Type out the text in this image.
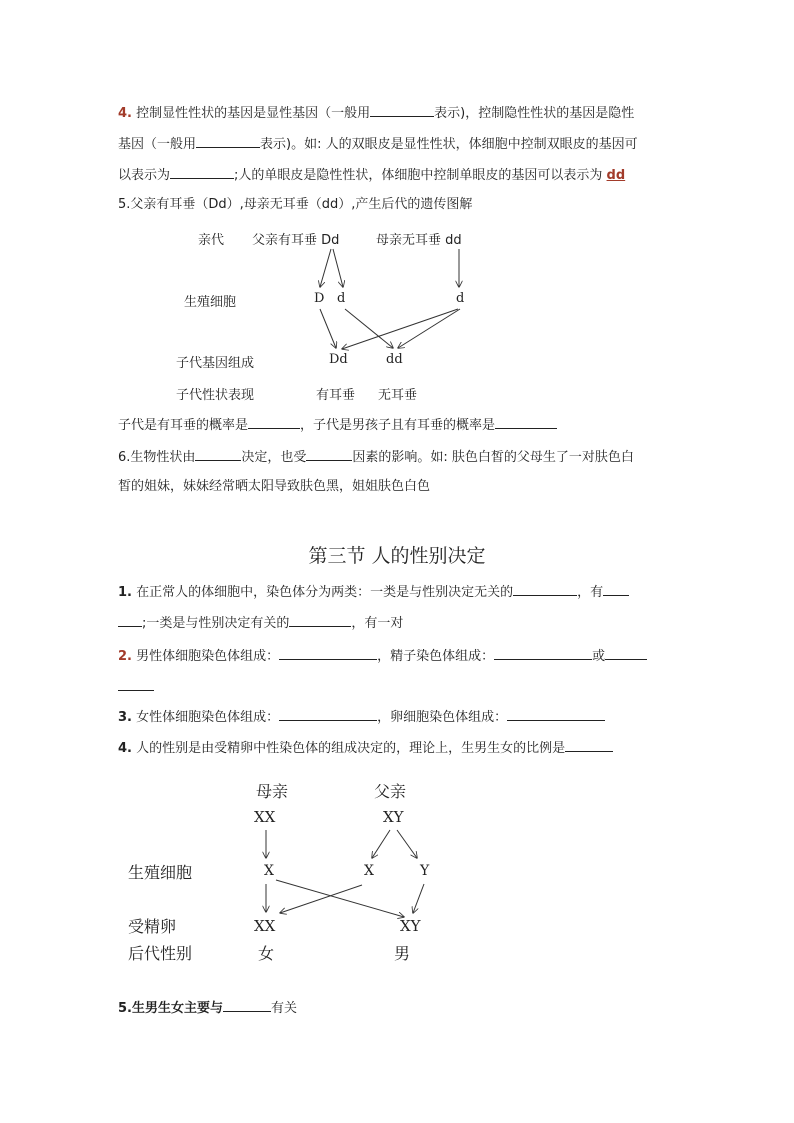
4. 控制显性性状的基因是显性基因（一般用	表示)，控制隐性性状的基因是隐性
基因（一般用	表示)。如: 人的双眼皮是显性性状，体细胞中控制双眼皮的基因可
以表示为	;人的单眼皮是隐性性状，体细胞中控制单眼皮的基因可以表示为 dd
5.父亲有耳垂（Dd）,母亲无耳垂（dd）,产生后代的遗传图解
亲代 父亲有耳垂 Dd	母亲无耳垂 dd
生殖细胞	D d	d
子代基因组成	Dd	dd
子代性状表现	有耳垂 无耳垂
子代是有耳垂的概率是	，子代是男孩子且有耳垂的概率是
6.生物性状由	决定，也受	因素的影响。如: 肤色白皙的父母生了一对肤色白
皙的姐妹，妹妹经常晒太阳导致肤色黑，姐姐肤色白色
第三节 人的性别决定
1. 在正常人的体细胞中，染色体分为两类：一类是与性别决定无关的	，有
;一类是与性别决定有关的	，有一对
2. 男性体细胞染色体组成：	，精子染色体组成：	或
3. 女性体细胞染色体组成：	，卵细胞染色体组成：
4. 人的性别是由受精卵中性染色体的组成决定的，理论上，生男生女的比例是
母亲	父亲
XX	XY
生殖细胞	X	X	Y
受精卵	XX	XY
后代性别	女	男
5.生男生女主要与	有关
